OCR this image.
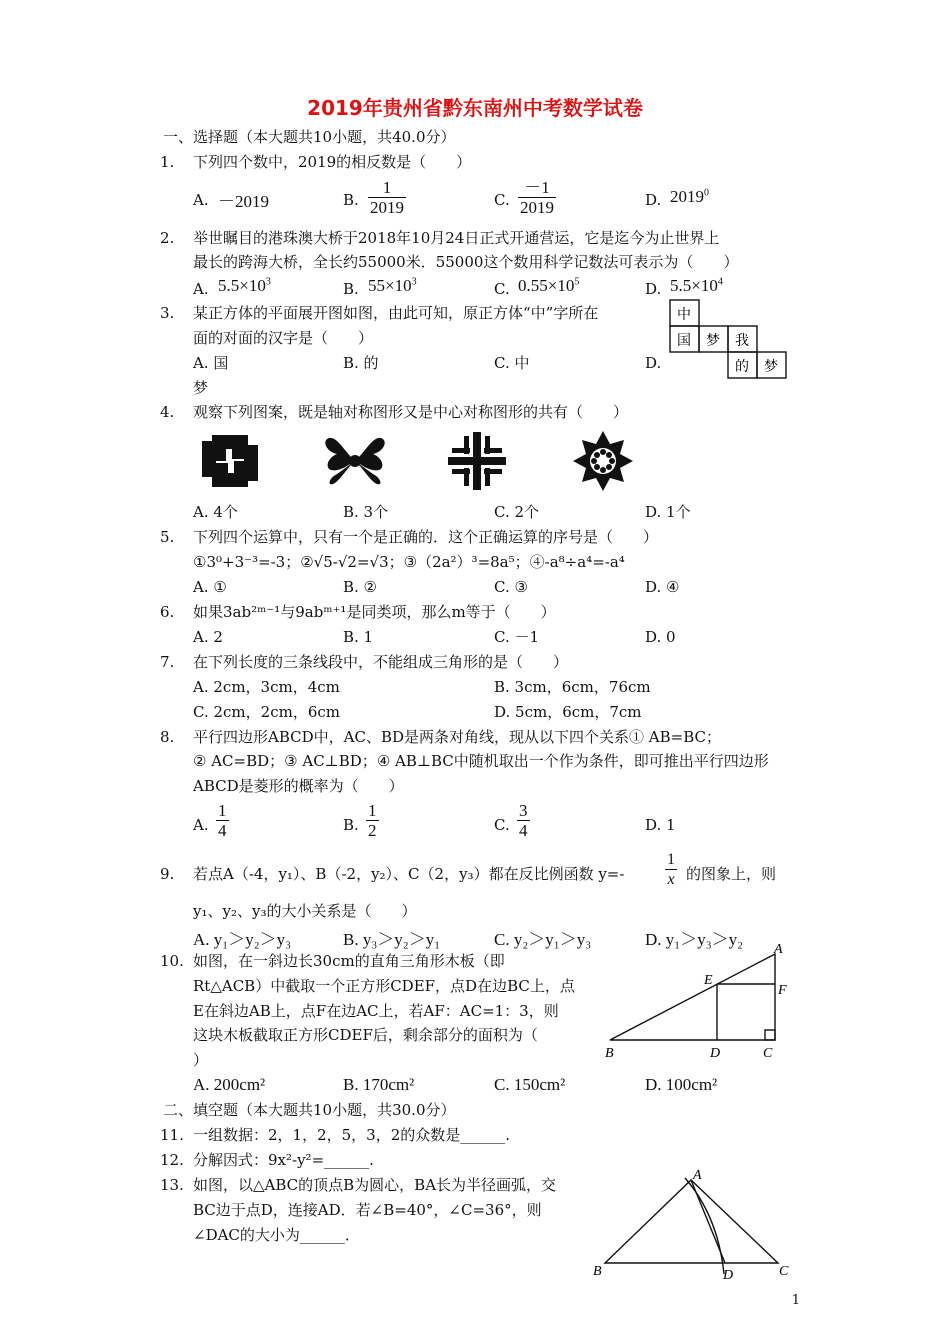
2019年贵州省黔东南州中考数学试卷
一、选择题（本大题共10小题，共40.0分）
1. 下列四个数中，2019的相反数是（　　）
A. －2019	B. $\frac{1}{2019}$	C. $\frac{-1}{2019}$	D. 2019$^0$
2. 举世瞩目的港珠澳大桥于2018年10月24日正式开通营运，它是迄今为止世界上
最长的跨海大桥，全长约55000米．55000这个数用科学记数法可表示为（　　）
A. $5.5\times 10^3$	B. $55\times 10^3$	C. $0.55\times 10^5$	D. $5.5\times 10^4$
3. 某正方体的平面展开图如图，由此可知，原正方体“中”字所在
面的对面的汉字是（　　）
A. 国	B. 的	C. 中	D.
梦
中
国 梦 我
的 梦
4. 观察下列图案，既是轴对称图形又是中心对称图形的共有（　　）
A. 4个	B. 3个	C. 2个	D. 1个
5. 下列四个运算中，只有一个是正确的．这个正确运算的序号是（　　）
①3⁰+3⁻³=-3；②√5-√2=√3；③（2a²）³=8a⁵；④-a⁸÷a⁴=-a⁴
A. ①	B. ②	C. ③	D. ④
6. 如果3ab²ᵐ⁻¹与9abᵐ⁺¹是同类项，那么m等于（　　）
A. 2	B. 1	C. －1	D. 0
7. 在下列长度的三条线段中，不能组成三角形的是（　　）
A. 2cm，3cm，4cm	B. 3cm，6cm，76cm
C. 2cm，2cm，6cm	D. 5cm，6cm，7cm
8. 平行四边形ABCD中，AC、BD是两条对角线，现从以下四个关系① AB=BC；
② AC=BD；③ AC⊥BD；④ AB⊥BC中随机取出一个作为条件，即可推出平行四边形
ABCD是菱形的概率为（　　）
A. $\frac{1}{4}$	B. $\frac{1}{2}$	C. $\frac{3}{4}$	D. 1
9. 若点A（-4，y₁）、B（-2，y₂）、C（2，y₃）都在反比例函数 y=-	$\frac{1}{x}$ 的图象上，则
y₁、y₂、y₃的大小关系是（　　）
A. y₁＞y₂＞y₃	B. y₃＞y₂＞y₁	C. y₂＞y₁＞y₃	D. y₁＞y₃＞y₂
10. 如图，在一斜边长30cm的直角三角形木板（即
Rt△ACB）中截取一个正方形CDEF，点D在边BC上，点
E在斜边AB上，点F在边AC上，若AF：AC=1：3，则
这块木板截取正方形CDEF后，剩余部分的面积为（
）
A
B	C
D
E
F
A. 200cm²	B. 170cm²	C. 150cm²	D. 100cm²
二、填空题（本大题共10小题，共30.0分）
11. 一组数据：2，1，2，5，3，2的众数是______.
12. 分解因式：9x²-y²=______.
13. 如图，以△ABC的顶点B为圆心，BA长为半径画弧，交
BC边于点D，连接AD．若∠B=40°，∠C=36°，则
∠DAC的大小为______．
A
B	C
D
1
